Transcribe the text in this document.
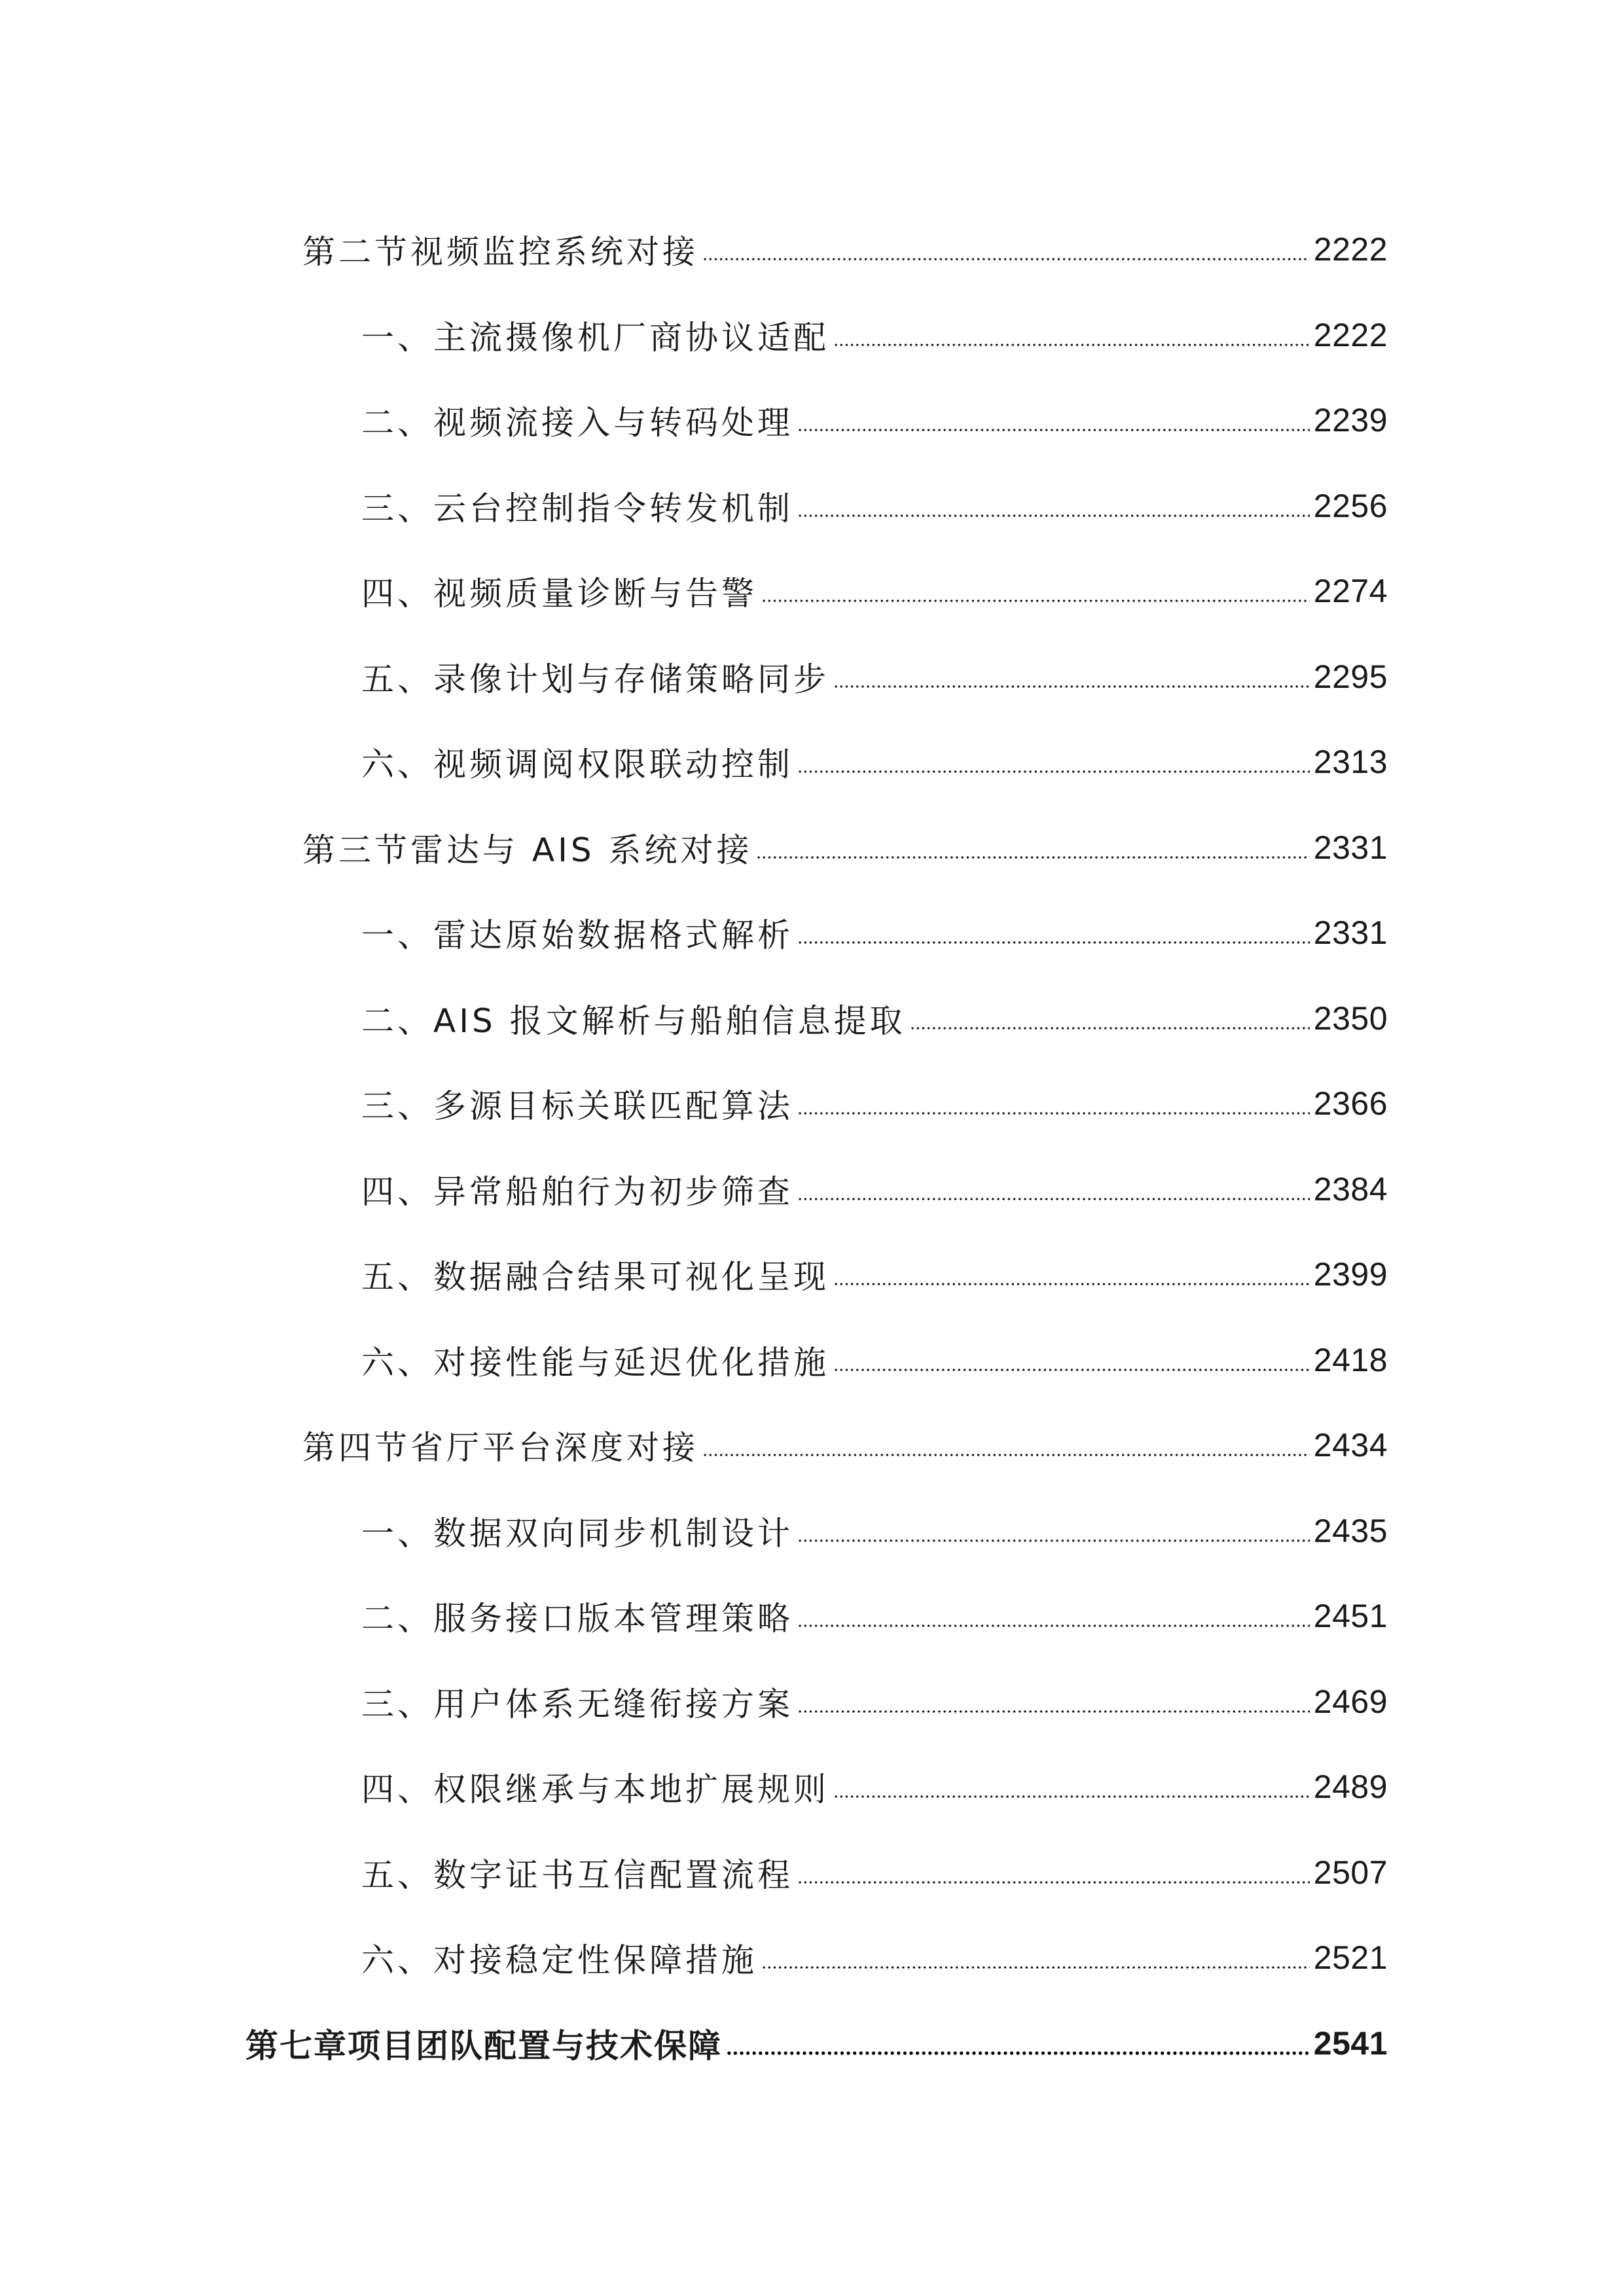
第二节视频监控系统对接	2222
一、主流摄像机厂商协议适配	2222
二、视频流接入与转码处理	2239
三、云台控制指令转发机制	2256
四、视频质量诊断与告警	2274
五、录像计划与存储策略同步	2295
六、视频调阅权限联动控制	2313
第三节雷达与 AIS 系统对接	2331
一、雷达原始数据格式解析	2331
二、AIS 报文解析与船舶信息提取	2350
三、多源目标关联匹配算法	2366
四、异常船舶行为初步筛查	2384
五、数据融合结果可视化呈现	2399
六、对接性能与延迟优化措施	2418
第四节省厅平台深度对接	2434
一、数据双向同步机制设计	2435
二、服务接口版本管理策略	2451
三、用户体系无缝衔接方案	2469
四、权限继承与本地扩展规则	2489
五、数字证书互信配置流程	2507
六、对接稳定性保障措施	2521
第七章项目团队配置与技术保障	2541
